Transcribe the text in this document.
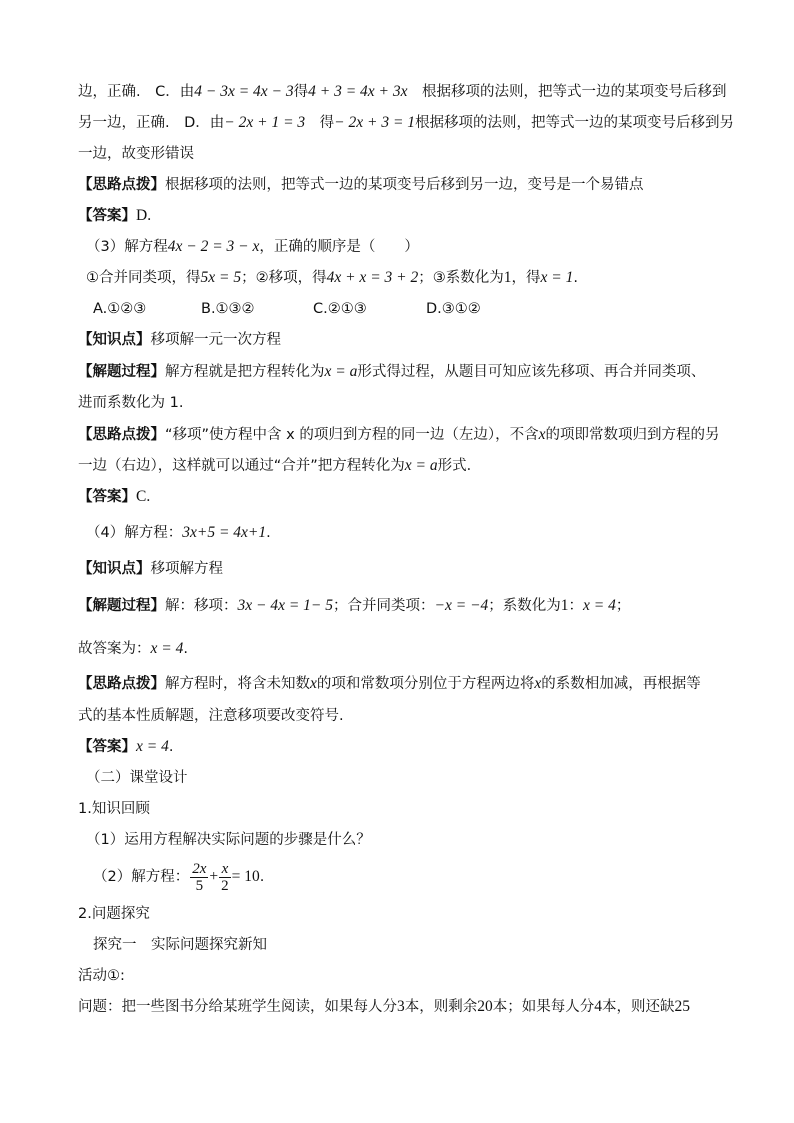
边，正确.　C．由4 − 3x = 4x − 3得4 + 3 = 4x + 3x　根据移项的法则，把等式一边的某项变号后移到
另一边，正确.　D．由− 2x + 1 = 3　得− 2x + 3 = 1根据移项的法则，把等式一边的某项变号后移到另
一边，故变形错误
【思路点拨】根据移项的法则，把等式一边的某项变号后移到另一边，变号是一个易错点
【答案】D.
（3）解方程4x − 2 = 3 − x，正确的顺序是（　　）
①合并同类项，得5x = 5；②移项，得4x + x = 3 + 2；③系数化为1，得x = 1.
A.①②③	B.①③②	C.②①③	D.③①②
【知识点】移项解一元一次方程
【解题过程】解方程就是把方程转化为x = a形式得过程，从题目可知应该先移项、再合并同类项、
进而系数化为 1.
【思路点拨】“移项”使方程中含 x 的项归到方程的同一边（左边），不含x的项即常数项归到方程的另
一边（右边），这样就可以通过“合并”把方程转化为x = a形式．
【答案】C.
（4）解方程：3x+5 = 4x+1.
【知识点】移项解方程
【解题过程】解：移项：3x − 4x = 1− 5；合并同类项：−x = −4；系数化为1：x = 4；
故答案为：x = 4.
【思路点拨】解方程时，将含未知数x的项和常数项分别位于方程两边将x的系数相加减，再根据等
式的基本性质解题，注意移项要改变符号.
【答案】x = 4.
（二）课堂设计
1.知识回顾
（1）运用方程解决实际问题的步骤是什么？
（2）解方程： $\frac{2x}{5} + \frac{x}{2} = 10$.
2.问题探究
探究一　实际问题探究新知
活动①:
问题：把一些图书分给某班学生阅读，如果每人分3本，则剩余20本；如果每人分4本，则还缺25
